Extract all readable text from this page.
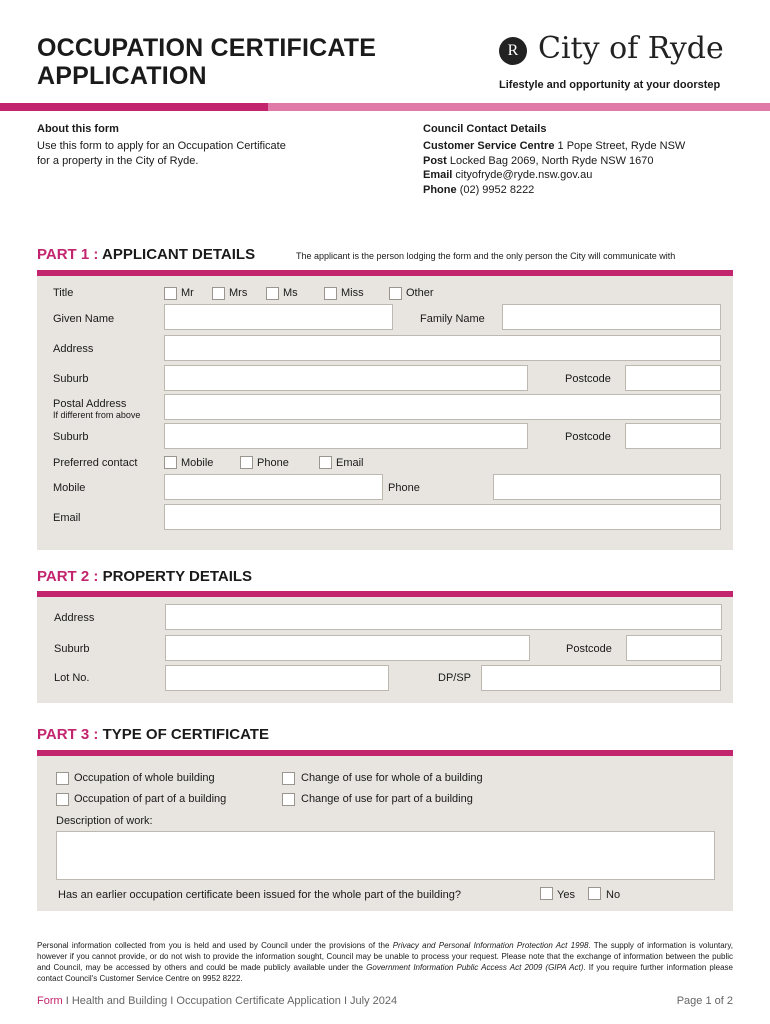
OCCUPATION CERTIFICATE
APPLICATION
R City of Ryde
Lifestyle and opportunity at your doorstep
About this form
Use this form to apply for an Occupation Certificate
for a property in the City of Ryde.
Council Contact Details
Customer Service Centre 1 Pope Street, Ryde NSW
Post Locked Bag 2069, North Ryde NSW 1670
Email cityofryde@ryde.nsw.gov.au
Phone (02) 9952 8222
PART 1 : APPLICANT DETAILS	The applicant is the person lodging the form and the only person the City will communicate with
Title	Mr	Mrs	Ms	Miss	Other
Given Name	Family Name
Address
Suburb	Postcode
Postal Address
If different from above
Suburb	Postcode
Preferred contact	Mobile	Phone	Email
Mobile	Phone
Email
PART 2 : PROPERTY DETAILS
Address
Suburb	Postcode
Lot No.	DP/SP
PART 3 : TYPE OF CERTIFICATE
Occupation of whole building
Occupation of part of a building
Change of use for whole of a building
Change of use for part of a building
Description of work:
Has an earlier occupation certificate been issued for the whole part of the building?	Yes	No
Personal information collected from you is held and used by Council under the provisions of the Privacy and Personal Information Protection Act 1998. The supply of information is voluntary, however if you cannot provide, or do not wish to provide the information sought, Council may be unable to process your request. Please note that the exchange of information between the public and Council, may be accessed by others and could be made publicly available under the Government Information Public Access Act 2009 (GIPA Act). If you require further information please contact Council's Customer Service Centre on 9952 8222.
Form I Health and Building I Occupation Certificate Application I July 2024	Page 1 of 2
